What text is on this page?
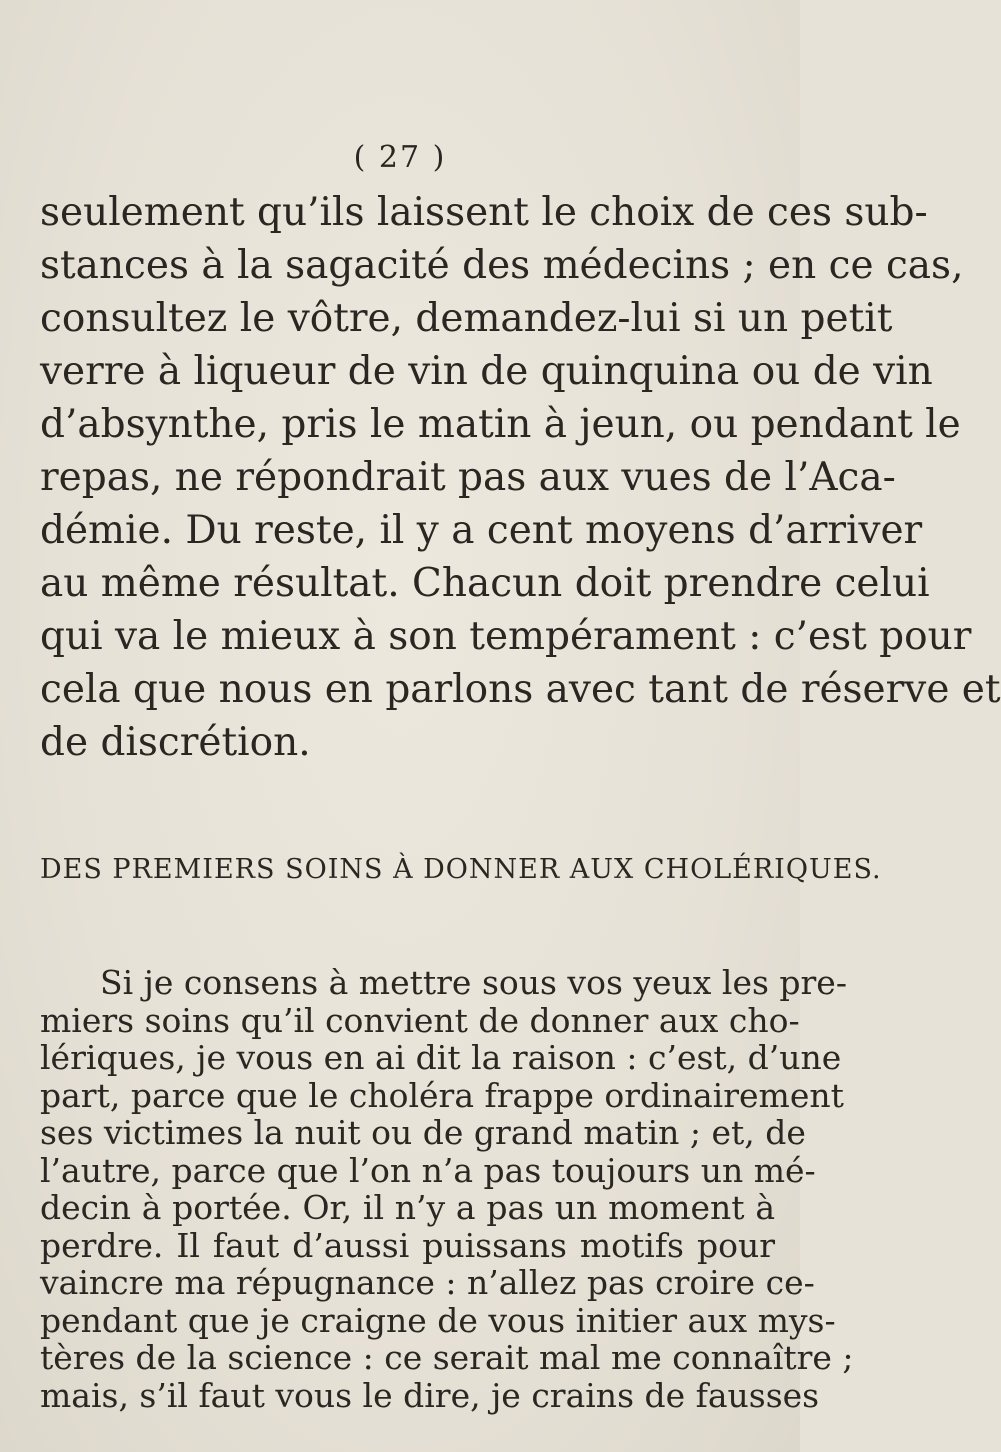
( 27 )
seulement qu’ils laissent le choix de ces sub-
stances à la sagacité des médecins ; en ce cas,
consultez le vôtre, demandez-lui si un petit
verre à liqueur de vin de quinquina ou de vin
d’absynthe, pris le matin à jeun, ou pendant le
repas, ne répondrait pas aux vues de l’Aca-
démie. Du reste, il y a cent moyens d’arriver
au même résultat. Chacun doit prendre celui
qui va le mieux à son tempérament : c’est pour
cela que nous en parlons avec tant de réserve et
de discrétion.
DES PREMIERS SOINS À DONNER AUX CHOLÉRIQUES.
Si je consens à mettre sous vos yeux les pre-
miers soins qu’il convient de donner aux cho-
lériques, je vous en ai dit la raison : c’est, d’une
part, parce que le choléra frappe ordinairement
ses victimes la nuit ou de grand matin ; et, de
l’autre, parce que l’on n’a pas toujours un mé-
decin à portée. Or, il n’y a pas un moment à
perdre. Il faut d’aussi puissans motifs pour
vaincre ma répugnance : n’allez pas croire ce-
pendant que je craigne de vous initier aux mys-
tères de la science : ce serait mal me connaître ;
mais, s’il faut vous le dire, je crains de fausses
